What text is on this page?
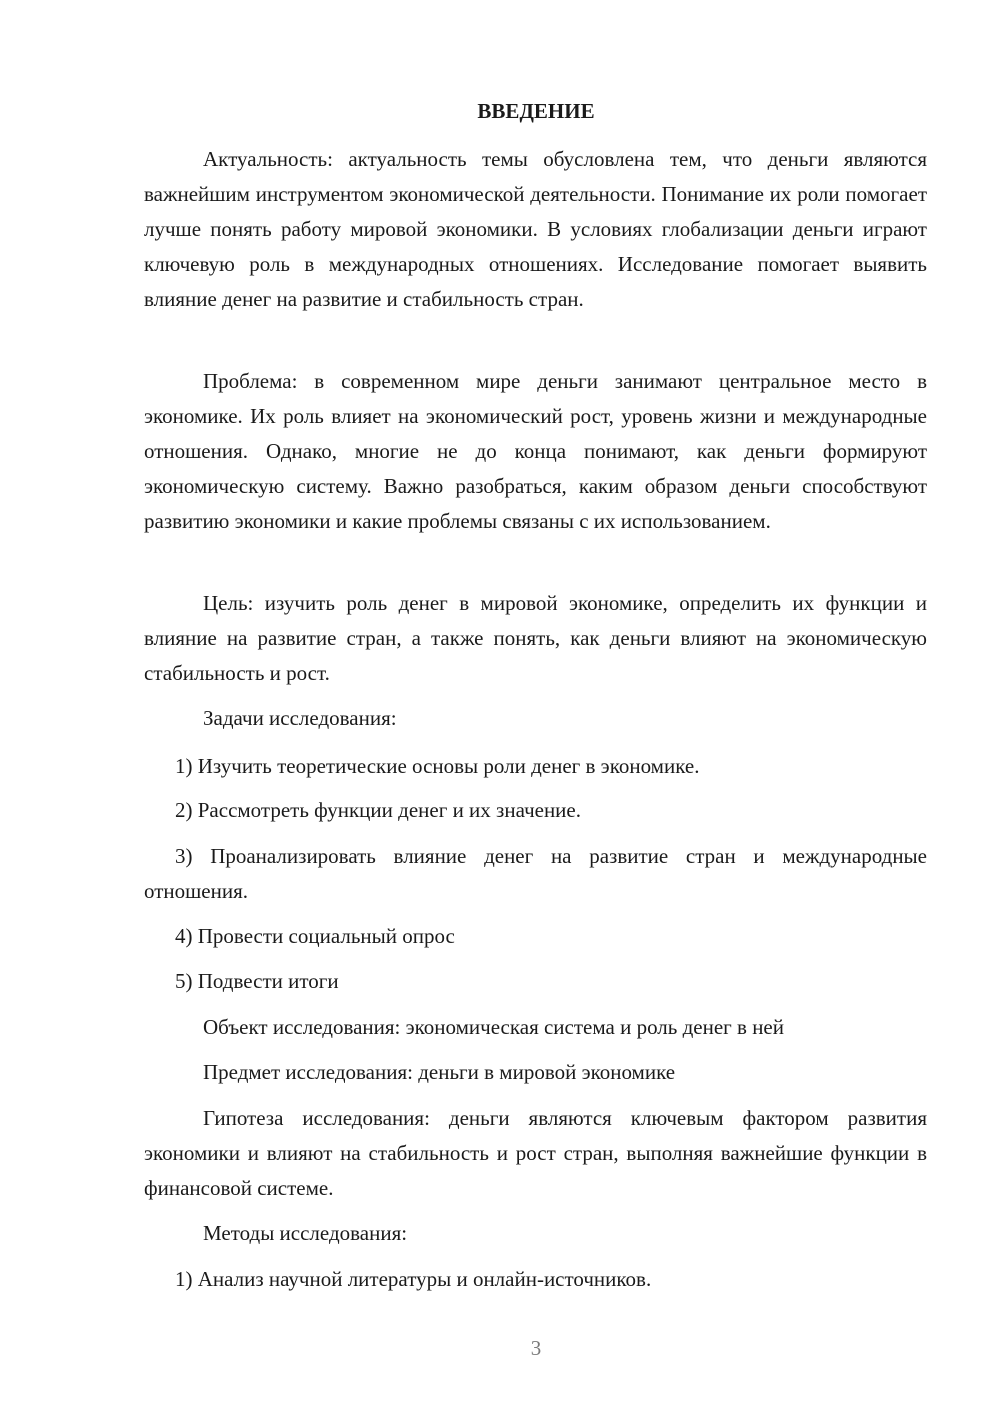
ВВЕДЕНИЕ

Актуальность: актуальность темы обусловлена тем, что деньги являются важнейшим инструментом экономической деятельности. Понимание их роли помогает лучше понять работу мировой экономики. В условиях глобализации деньги играют ключевую роль в международных отношениях. Исследование помогает выявить влияние денег на развитие и стабильность стран.

Проблема: в современном мире деньги занимают центральное место в экономике. Их роль влияет на экономический рост, уровень жизни и международные отношения. Однако, многие не до конца понимают, как деньги формируют экономическую систему. Важно разобраться, каким образом деньги способствуют развитию экономики и какие проблемы связаны с их использованием.

Цель: изучить роль денег в мировой экономике, определить их функции и влияние на развитие стран, а также понять, как деньги влияют на экономическую стабильность и рост.

Задачи исследования:

1) Изучить теоретические основы роли денег в экономике.

2) Рассмотреть функции денег и их значение.

3) Проанализировать влияние денег на развитие стран и международные отношения.

4) Провести социальный опрос

5) Подвести итоги

Объект исследования: экономическая система и роль денег в ней

Предмет исследования: деньги в мировой экономике

Гипотеза исследования: деньги являются ключевым фактором развития экономики и влияют на стабильность и рост стран, выполняя важнейшие функции в финансовой системе.

Методы исследования:

1) Анализ научной литературы и онлайн-источников.

3
